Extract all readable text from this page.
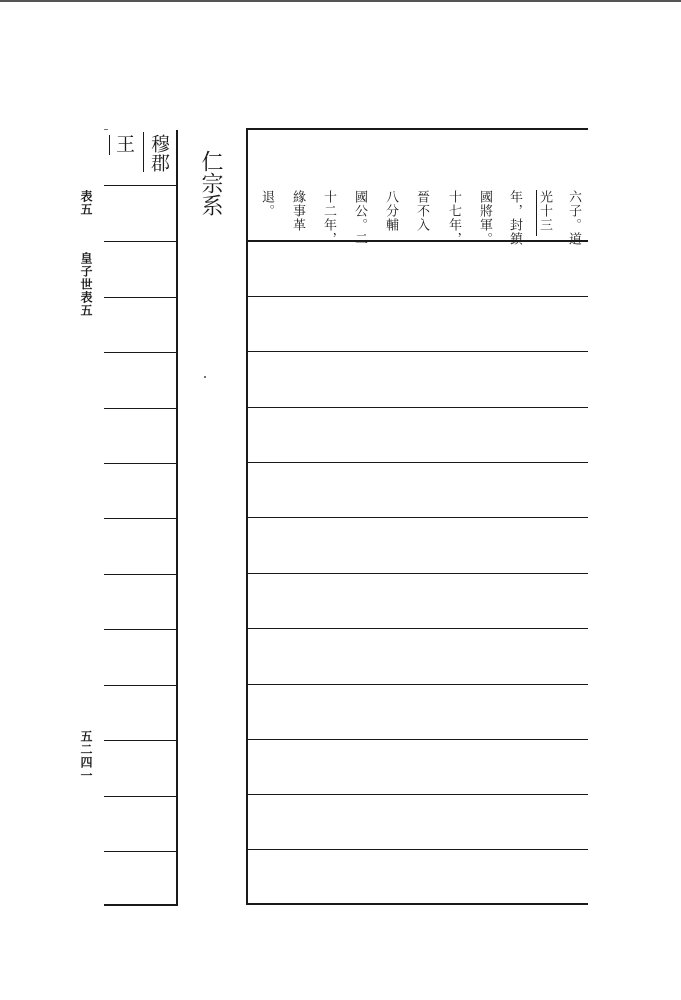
表五
皇子世表五
五二四一
王 穆郡 仁宗系
六子。道
光十三
年，封鎮
國將軍。
十七年，
晉不入
八分輔
國公。二
十二年，
緣事革
退。
